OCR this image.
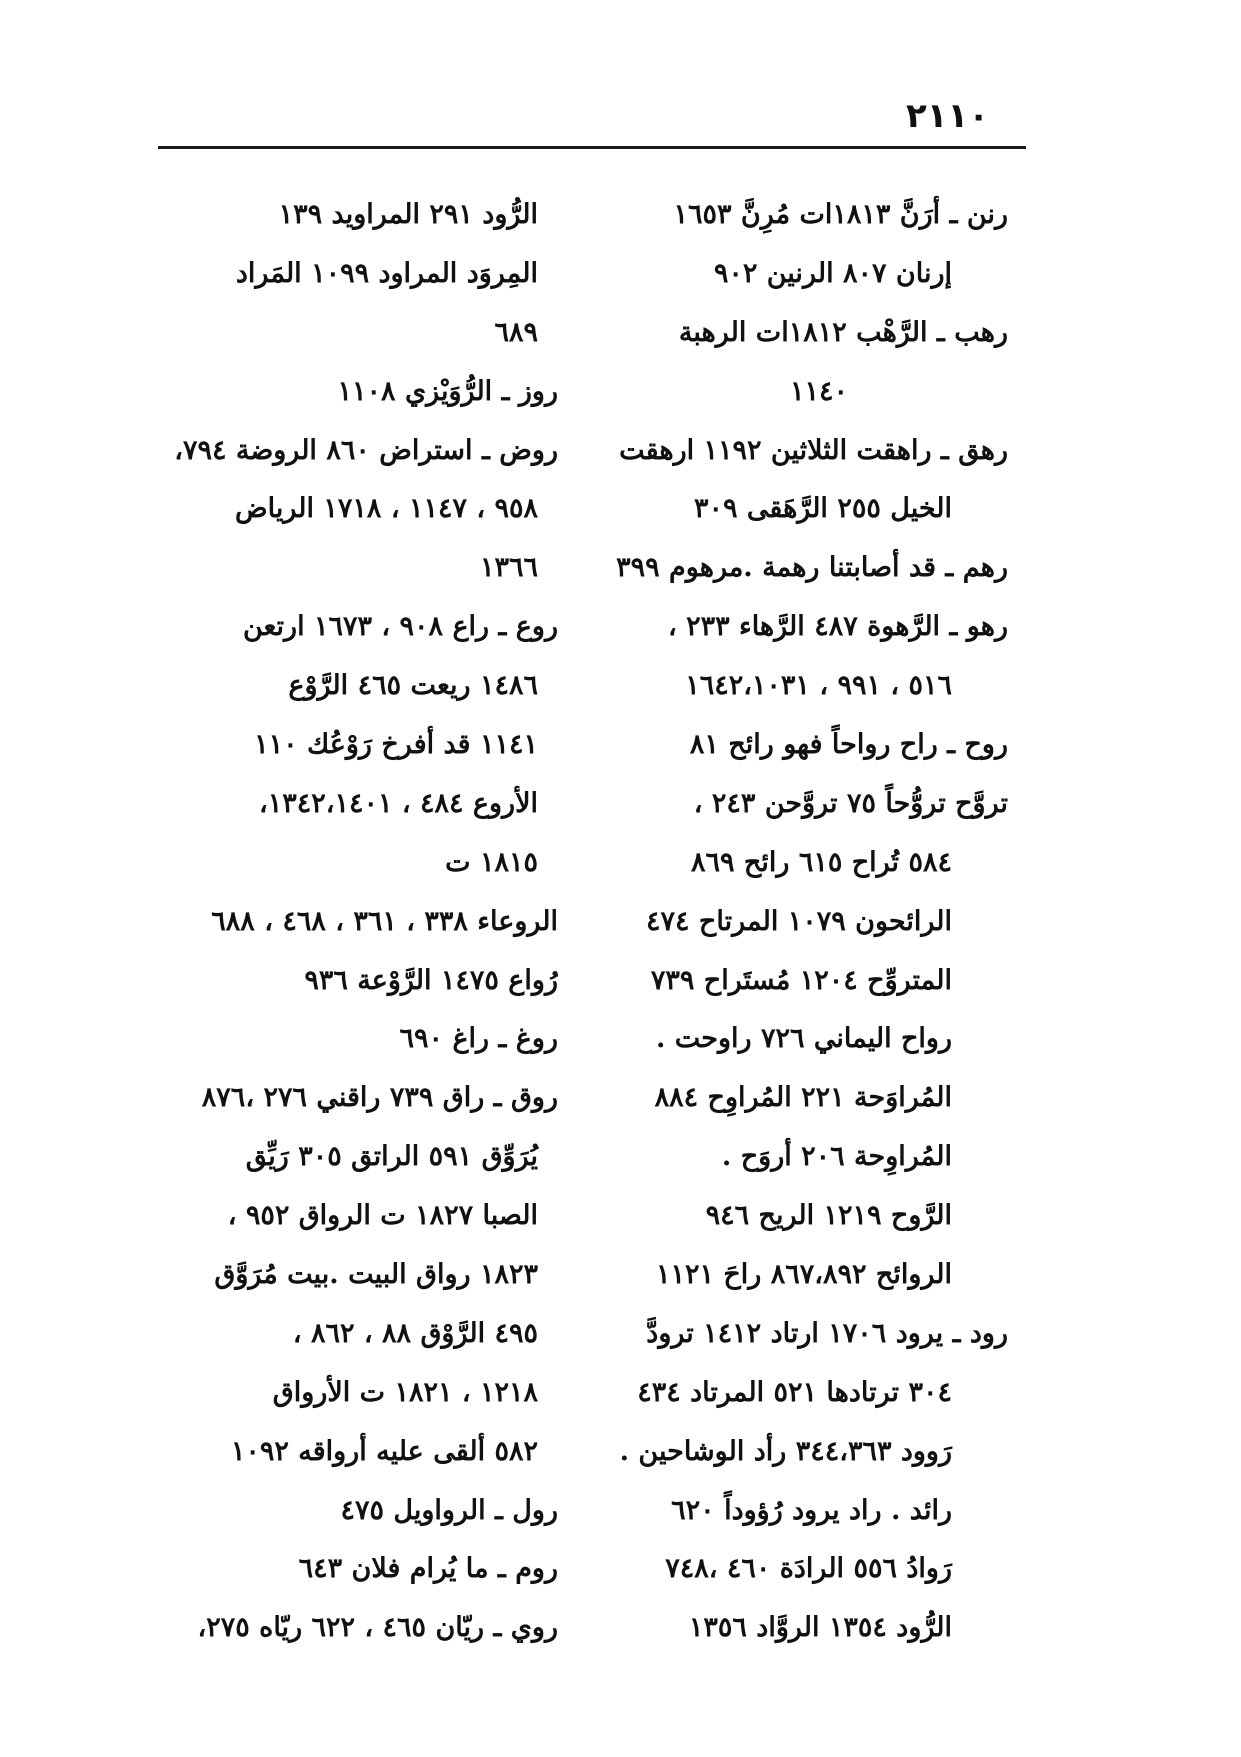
٢١١٠
رنن ـ أرَنَّ ١٨١٣ات مُرِنَّ ١٦٥٣
إرنان ٨٠٧ الرنين ٩٠٢
رهب ـ الرَّهْب ١٨١٢ات الرهبة
١١٤٠
رهق ـ راهقت الثلاثين ١١٩٢ ارهقت
الخيل ٢٥٥ الرَّهَقى ٣٠٩
رهم ـ قد أصابتنا رهمة .مرهوم ٣٩٩
رهو ـ الرَّهوة ٤٨٧ الرَّهاء ٢٣٣ ،
٥١٦ ، ٩٩١ ، ١٦٤٢،١٠٣١
روح ـ راح رواحاً فهو رائح ٨١
تروَّح تروُّحاً ٧٥ تروَّحن ٢٤٣ ،
٥٨٤ تُراح ٦١٥ رائح ٨٦٩
الرائحون ١٠٧٩ المرتاح ٤٧٤
المتروِّح ١٢٠٤ مُستَراح ٧٣٩
رواح اليماني ٧٢٦ راوحت .
المُراوَحة ٢٢١ المُراوِح ٨٨٤
المُراوِحة ٢٠٦ أروَح .
الرَّوح ١٢١٩ الريح ٩٤٦
الروائح ٨٦٧،٨٩٢ راحَ ١١٢١
رود ـ يرود ١٧٠٦ ارتاد ١٤١٢ ترودَّ
٣٠٤ ترتادها ٥٢١ المرتاد ٤٣٤
رَوود ٣٤٤،٣٦٣ رأد الوشاحين .
رائد . راد يرود رُؤوداً ٦٢٠
رَوادُ ٥٥٦ الرادَة ٤٦٠ ،٧٤٨
الرُّود ١٣٥٤ الروَّاد ١٣٥٦
الرُّود ٢٩١ المراويد ١٣٩
المِروَد المراود ١٠٩٩ المَراد
٦٨٩
روز ـ الرُّوَيْزي ١١٠٨
روض ـ استراض ٨٦٠ الروضة ٧٩٤،
٩٥٨ ، ١١٤٧ ، ١٧١٨ الرياض
١٣٦٦
روع ـ راع ٩٠٨ ، ١٦٧٣ ارتعن
١٤٨٦ ريعت ٤٦٥ الرَّوْع
١١٤١ قد أفرخ رَوْعُك ١١٠
الأروع ٤٨٤ ، ١٣٤٢،١٤٠١،
١٨١٥ ت
الروعاء ٣٣٨ ، ٣٦١ ، ٤٦٨ ، ٦٨٨
رُواع ١٤٧٥ الرَّوْعة ٩٣٦
روغ ـ راغ ٦٩٠
روق ـ راق ٧٣٩ راقني ٢٧٦ ،٨٧٦
يُرَوِّق ٥٩١ الراتق ٣٠٥ رَيِّق
الصبا ١٨٢٧ ت الرواق ٩٥٢ ،
١٨٢٣ رواق البيت .بيت مُرَوَّق
٤٩٥ الرَّوْق ٨٨ ، ٨٦٢ ،
١٢١٨ ، ١٨٢١ ت الأرواق
٥٨٢ ألقى عليه أرواقه ١٠٩٢
رول ـ الرواويل ٤٧٥
روم ـ ما يُرام فلان ٦٤٣
روي ـ ريّان ٤٦٥ ، ٦٢٢ ريّاه ٢٧٥،
